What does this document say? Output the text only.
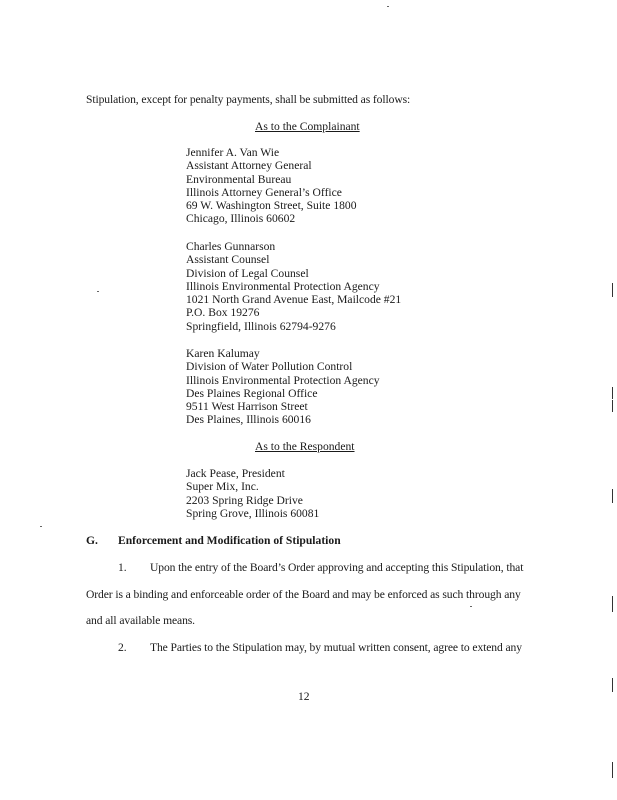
Stipulation, except for penalty payments, shall be submitted as follows:
As to the Complainant
Jennifer A. Van Wie
Assistant Attorney General
Environmental Bureau
Illinois Attorney General’s Office
69 W. Washington Street, Suite 1800
Chicago, Illinois 60602
Charles Gunnarson
Assistant Counsel
Division of Legal Counsel
Illinois Environmental Protection Agency
1021 North Grand Avenue East, Mailcode #21
P.O. Box 19276
Springfield, Illinois 62794-9276
Karen Kalumay
Division of Water Pollution Control
Illinois Environmental Protection Agency
Des Plaines Regional Office
9511 West Harrison Street
Des Plaines, Illinois 60016
As to the Respondent
Jack Pease, President
Super Mix, Inc.
2203 Spring Ridge Drive
Spring Grove, Illinois 60081
G. Enforcement and Modification of Stipulation
1. Upon the entry of the Board’s Order approving and accepting this Stipulation, that
Order is a binding and enforceable order of the Board and may be enforced as such through any
and all available means.
2. The Parties to the Stipulation may, by mutual written consent, agree to extend any
12
